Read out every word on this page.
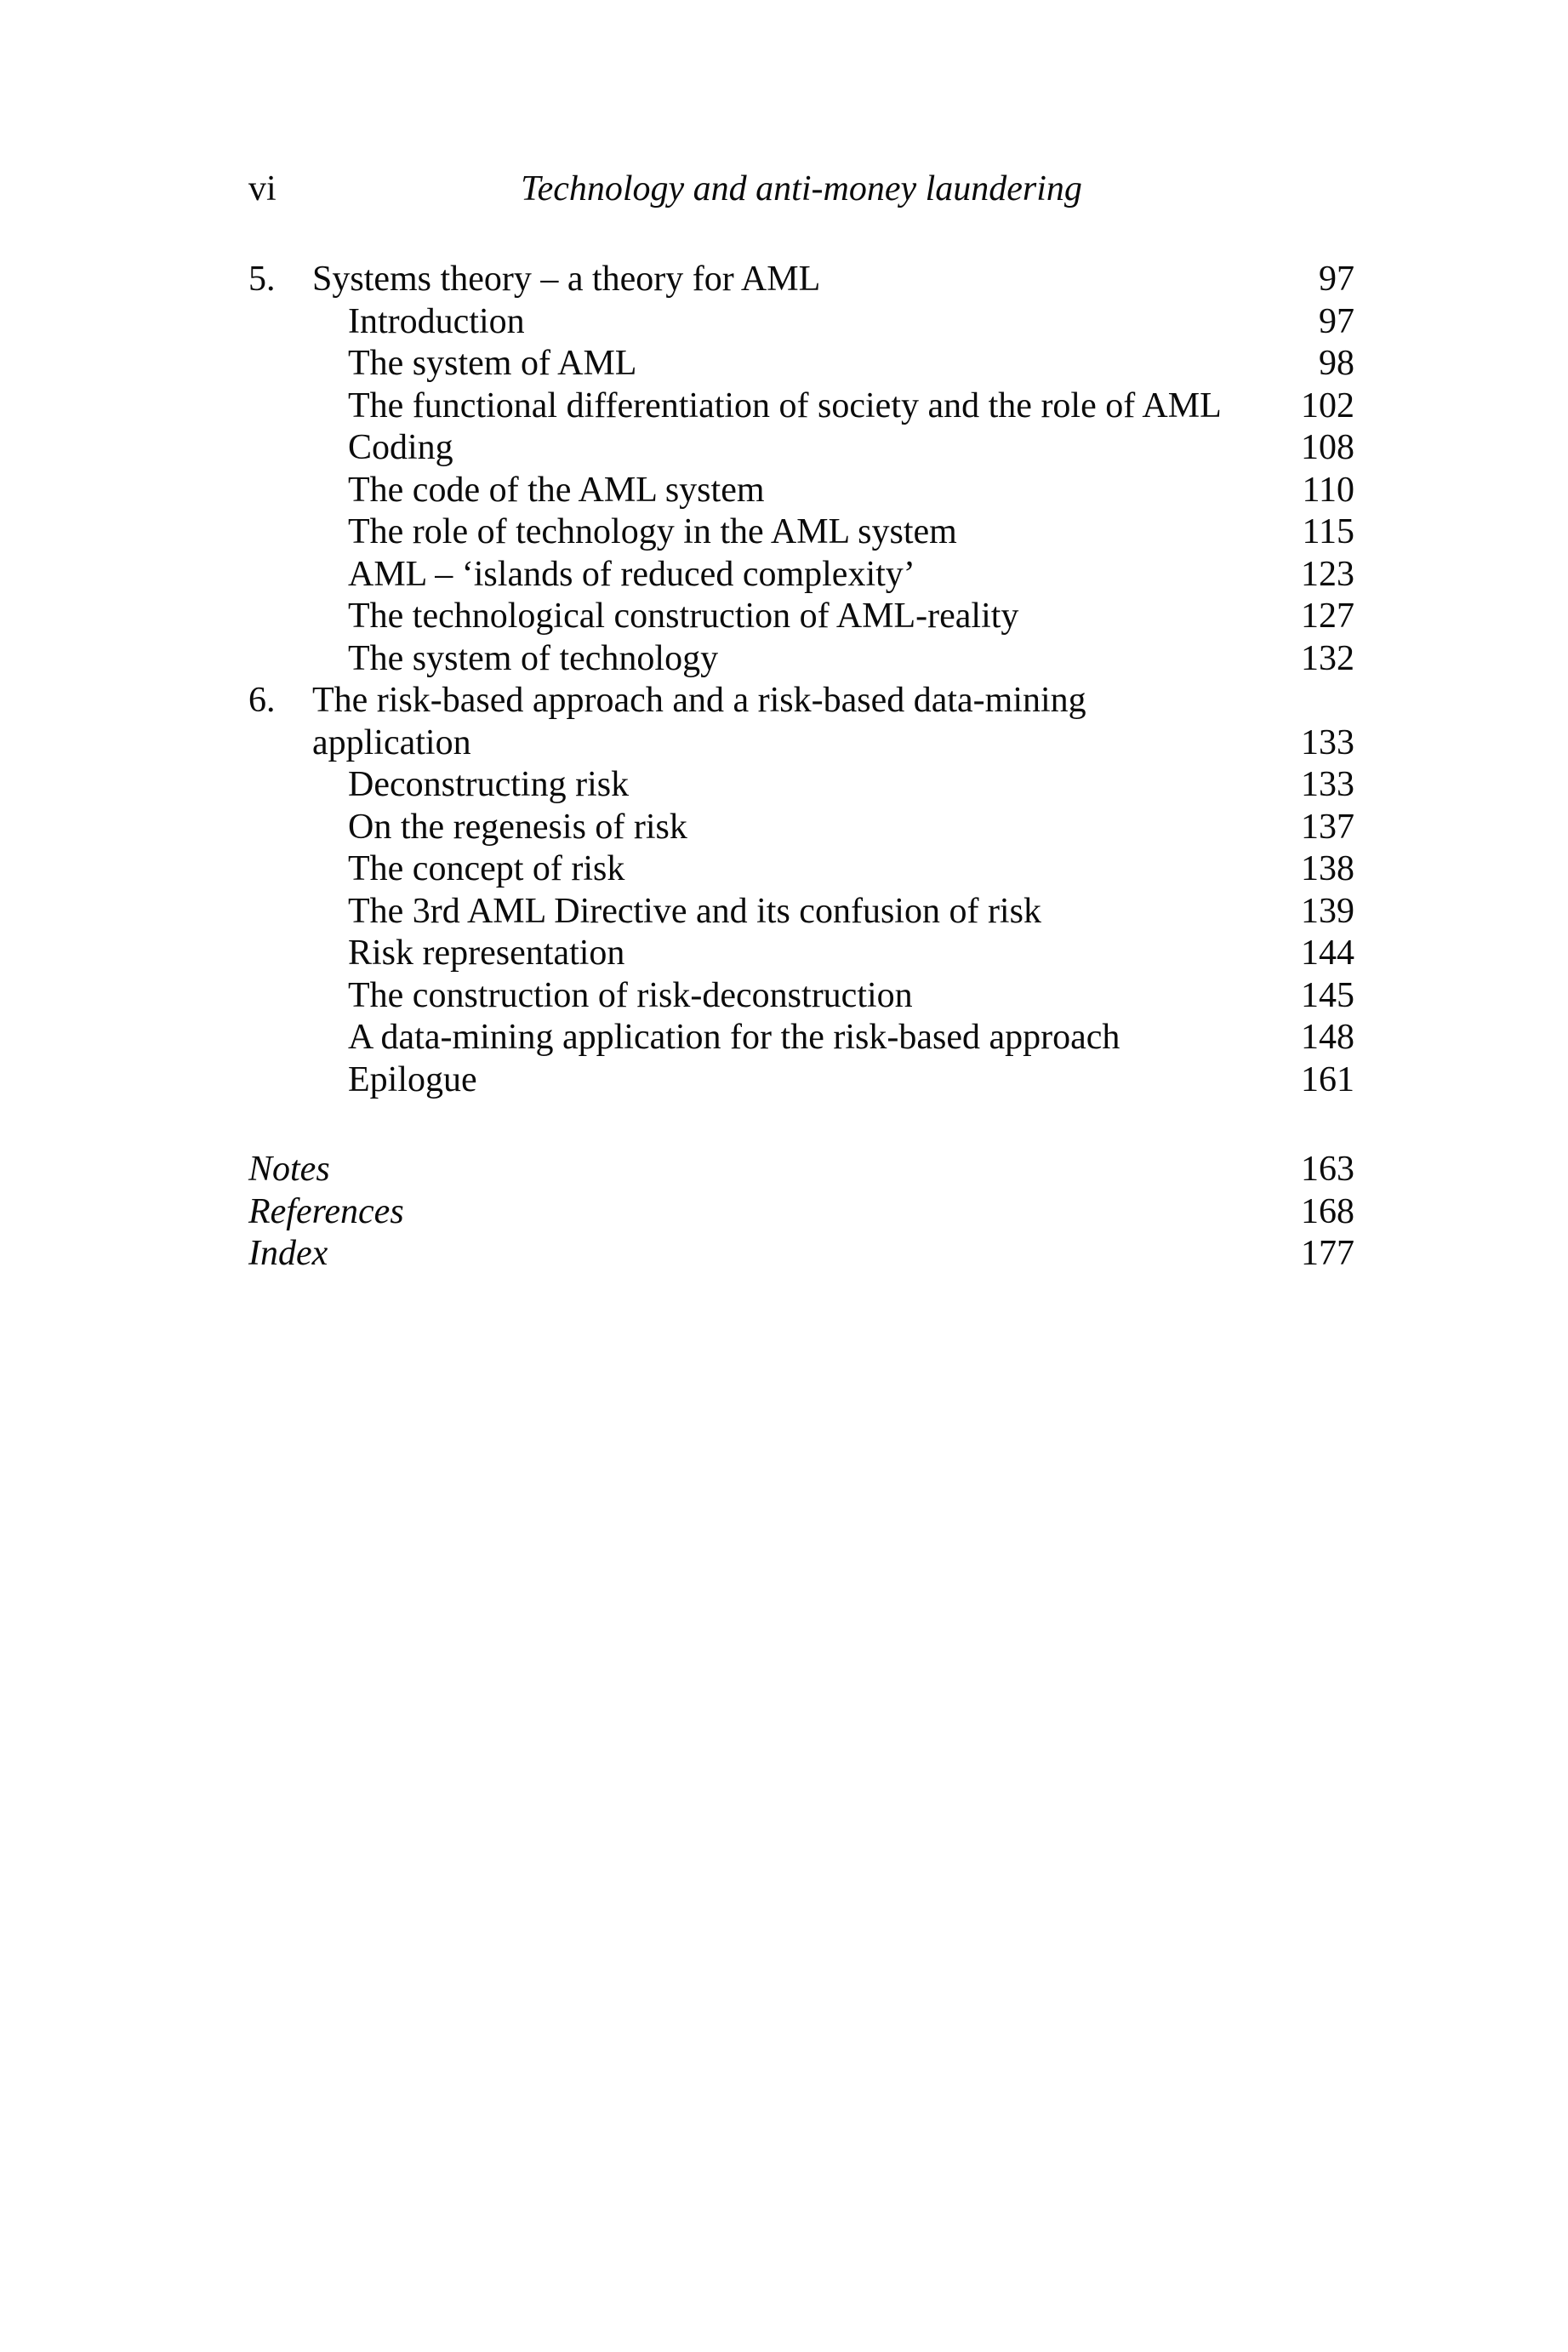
vi	Technology and anti-money laundering
5. Systems theory – a theory for AML	97
Introduction	97
The system of AML	98
The functional differentiation of society and the role of AML 102
Coding	108
The code of the AML system	110
The role of technology in the AML system	115
AML – ‘islands of reduced complexity’	123
The technological construction of AML-reality	127
The system of technology	132
6. The risk-based approach and a risk-based data-mining
application	133
Deconstructing risk	133
On the regenesis of risk	137
The concept of risk	138
The 3rd AML Directive and its confusion of risk	139
Risk representation	144
The construction of risk-deconstruction	145
A data-mining application for the risk-based approach	148
Epilogue	161
Notes	163
References	168
Index	177
